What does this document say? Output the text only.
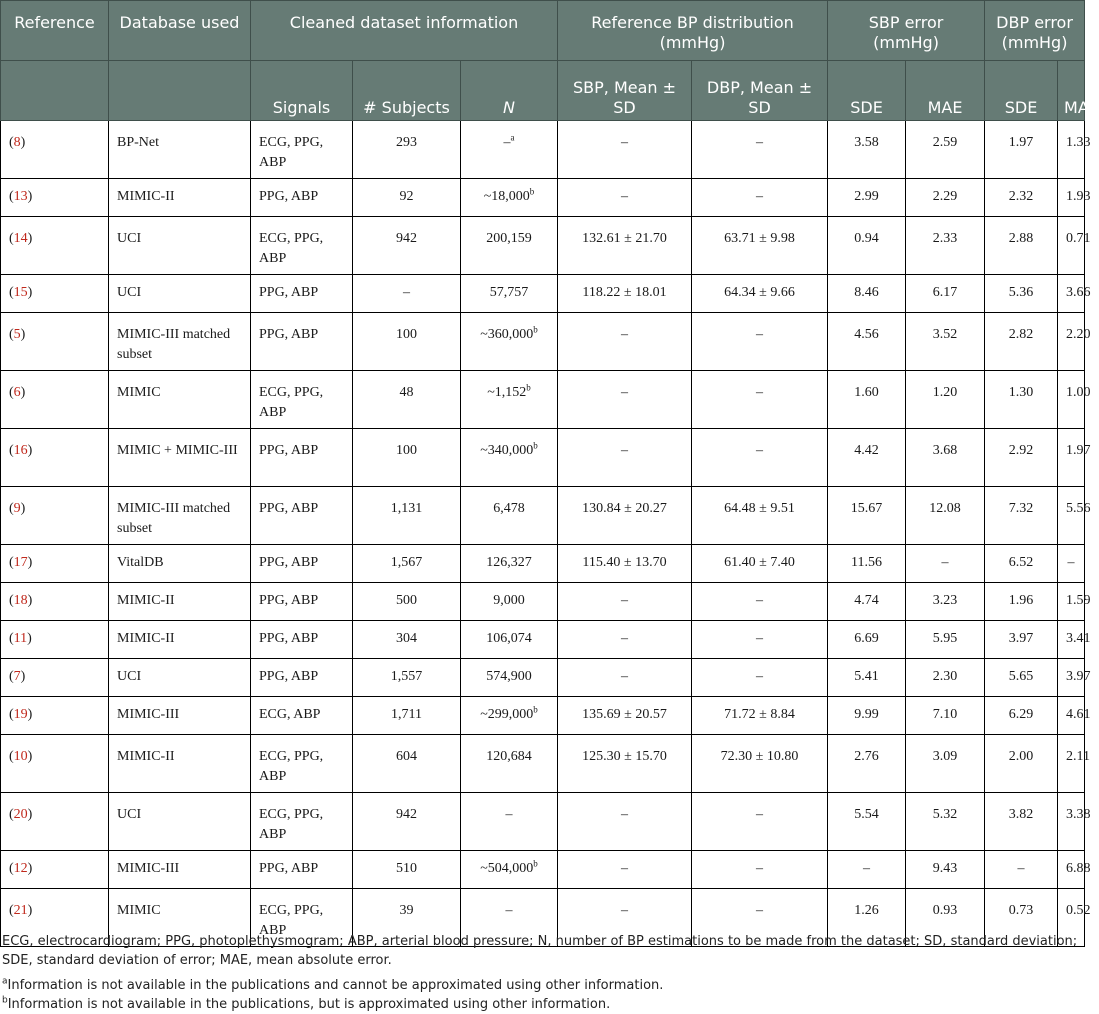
Reference	Database used	Cleaned dataset information			Reference BP distribution (mmHg)		SBP error (mmHg)		DBP error (mmHg)	
		Signals	# Subjects	N	SBP, Mean ± SD	DBP, Mean ± SD	SDE	MAE	SDE	MAE
(8)	BP-Net	ECG, PPG, ABP	293	–$^a$	–	–	3.58	2.59	1.97	1.33
(13)	MIMIC-II	PPG, ABP	92	~18,000$^b$	–	–	2.99	2.29	2.32	1.93
(14)	UCI	ECG, PPG, ABP	942	200,159	132.61 ± 21.70	63.71 ± 9.98	0.94	2.33	2.88	0.71
(15)	UCI	PPG, ABP	–	57,757	118.22 ± 18.01	64.34 ± 9.66	8.46	6.17	5.36	3.66
(5)	MIMIC-III matched subset	PPG, ABP	100	~360,000$^b$	–	–	4.56	3.52	2.82	2.20
(6)	MIMIC	ECG, PPG, ABP	48	~1,152$^b$	–	–	1.60	1.20	1.30	1.00
(16)	MIMIC + MIMIC-III	PPG, ABP	100	~340,000$^b$	–	–	4.42	3.68	2.92	1.97
(9)	MIMIC-III matched subset	PPG, ABP	1,131	6,478	130.84 ± 20.27	64.48 ± 9.51	15.67	12.08	7.32	5.56
(17)	VitalDB	PPG, ABP	1,567	126,327	115.40 ± 13.70	61.40 ± 7.40	11.56	–	6.52	–
(18)	MIMIC-II	PPG, ABP	500	9,000	–	–	4.74	3.23	1.96	1.59
(11)	MIMIC-II	PPG, ABP	304	106,074	–	–	6.69	5.95	3.97	3.41
(7)	UCI	PPG, ABP	1,557	574,900	–	–	5.41	2.30	5.65	3.97
(19)	MIMIC-III	ECG, ABP	1,711	~299,000$^b$	135.69 ± 20.57	71.72 ± 8.84	9.99	7.10	6.29	4.61
(10)	MIMIC-II	ECG, PPG, ABP	604	120,684	125.30 ± 15.70	72.30 ± 10.80	2.76	3.09	2.00	2.11
(20)	UCI	ECG, PPG, ABP	942	–	–	–	5.54	5.32	3.82	3.38
(12)	MIMIC-III	PPG, ABP	510	~504,000$^b$	–	–	–	9.43	–	6.88
(21)	MIMIC	ECG, PPG, ABP	39	–	–	–	1.26	0.93	0.73	0.52

ECG, electrocardiogram; PPG, photoplethysmogram; ABP, arterial blood pressure; N, number of BP estimations to be made from the dataset; SD, standard deviation; SDE, standard deviation of error; MAE, mean absolute error.

$^a$Information is not available in the publications and cannot be approximated using other information.

$^b$Information is not available in the publications, but is approximated using other information.
